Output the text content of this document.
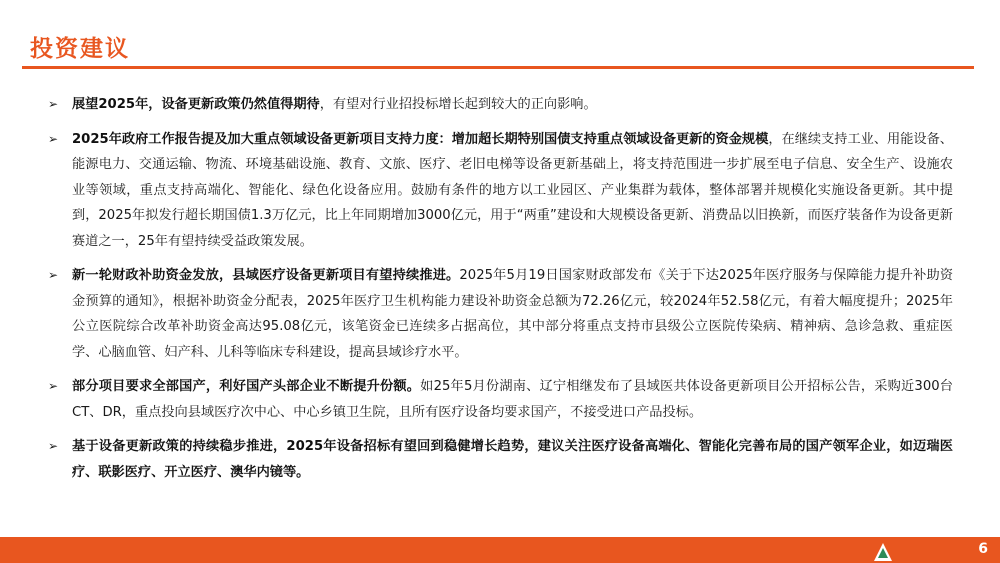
投资建议
➢ 展望2025年，设备更新政策仍然值得期待，有望对行业招投标增长起到较大的正向影响。
➢ 2025年政府工作报告提及加大重点领域设备更新项目支持力度：增加超长期特别国债支持重点领域设备更新的资金规模，在继续支持工业、用能设备、能源电力、交通运输、物流、环境基础设施、教育、文旅、医疗、老旧电梯等设备更新基础上，将支持范围进一步扩展至电子信息、安全生产、设施农业等领域，重点支持高端化、智能化、绿色化设备应用。鼓励有条件的地方以工业园区、产业集群为载体，整体部署并规模化实施设备更新。其中提到，2025年拟发行超长期国债1.3万亿元，比上年同期增加3000亿元，用于“两重”建设和大规模设备更新、消费品以旧换新，而医疗装备作为设备更新赛道之一，25年有望持续受益政策发展。
➢ 新一轮财政补助资金发放，县域医疗设备更新项目有望持续推进。2025年5月19日国家财政部发布《关于下达2025年医疗服务与保障能力提升补助资金预算的通知》，根据补助资金分配表，2025年医疗卫生机构能力建设补助资金总额为72.26亿元，较2024年52.58亿元，有着大幅度提升；2025年公立医院综合改革补助资金高达95.08亿元，该笔资金已连续多占据高位，其中部分将重点支持市县级公立医院传染病、精神病、急诊急救、重症医学、心脑血管、妇产科、儿科等临床专科建设，提高县域诊疗水平。
➢ 部分项目要求全部国产，利好国产头部企业不断提升份额。如25年5月份湖南、辽宁相继发布了县域医共体设备更新项目公开招标公告，采购近300台CT、DR，重点投向县域医疗次中心、中心乡镇卫生院，且所有医疗设备均要求国产，不接受进口产品投标。
➢ 基于设备更新政策的持续稳步推进，2025年设备招标有望回到稳健增长趋势，建议关注医疗设备高端化、智能化完善布局的国产领军企业，如迈瑞医疗、联影医疗、开立医疗、澳华内镜等。
6
